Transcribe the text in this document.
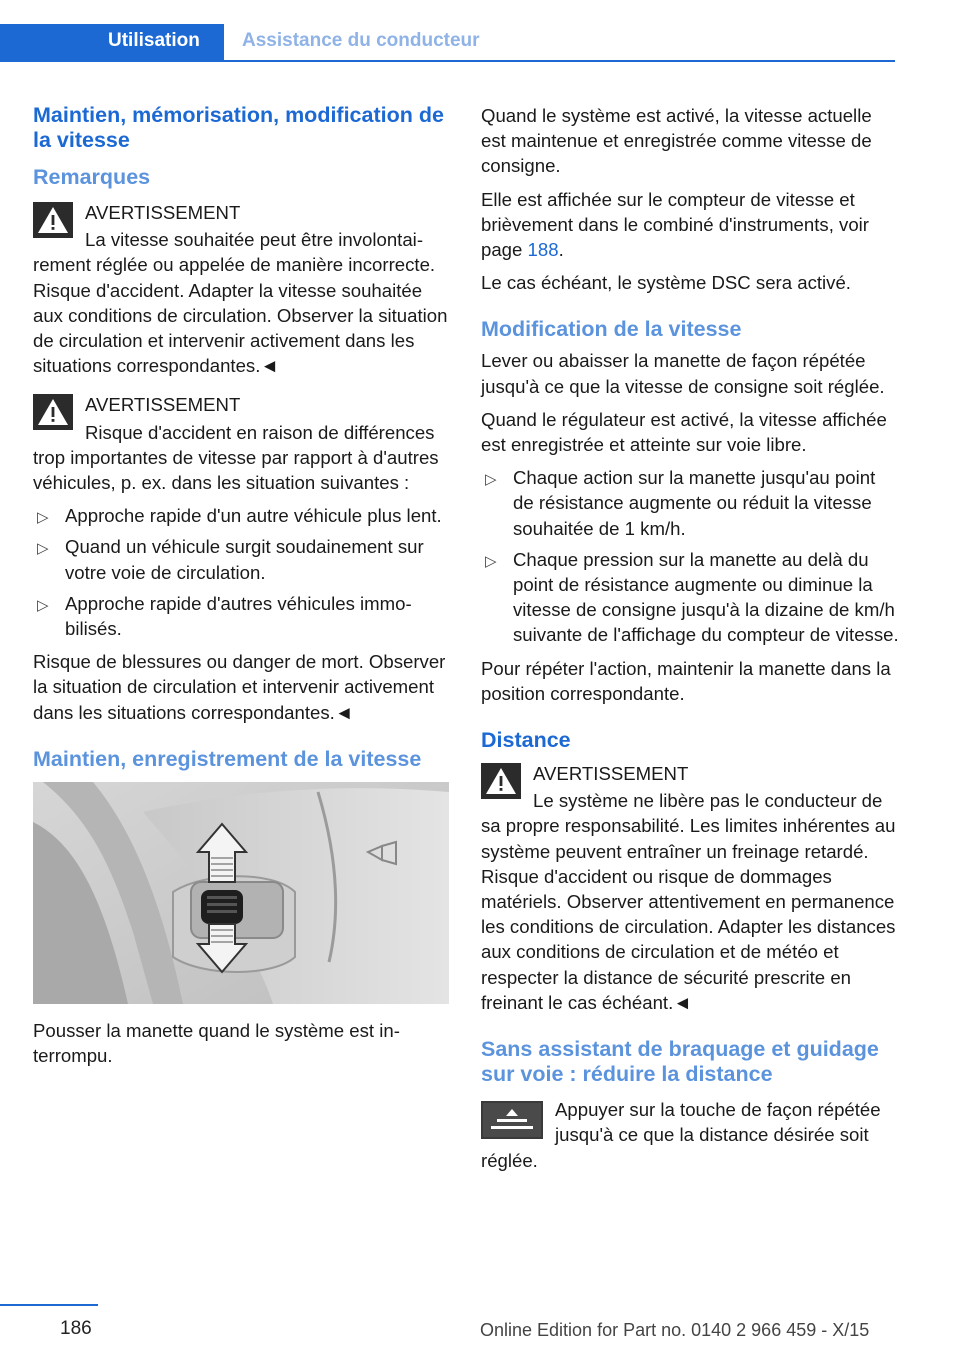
Utilisation Assistance du conducteur
Maintien, mémorisation, modification de la vitesse
Remarques

AVERTISSEMENT

La vitesse souhaitée peut être involontairement réglée ou appelée de manière incorrecte. Risque d'accident. Adapter la vitesse souhaitée aux conditions de circulation. Observer la situation de circulation et intervenir activement dans les situations correspondantes.◄

AVERTISSEMENT

Risque d'accident en raison de différences trop importantes de vitesse par rapport à d'autres véhicules, p. ex. dans les situation suivantes :

▷ Approche rapide d'un autre véhicule plus lent.
▷ Quand un véhicule surgit soudainement sur votre voie de circulation.
▷ Approche rapide d'autres véhicules immobilisés.

Risque de blessures ou danger de mort. Observer la situation de circulation et intervenir activement dans les situations correspondantes.◄

Maintien, enregistrement de la vitesse

Pousser la manette quand le système est interrompu.

Quand le système est activé, la vitesse actuelle est maintenue et enregistrée comme vitesse de consigne.

Elle est affichée sur le compteur de vitesse et brièvement dans le combiné d'instruments, voir page 188.

Le cas échéant, le système DSC sera activé.

Modification de la vitesse

Lever ou abaisser la manette de façon répétée jusqu'à ce que la vitesse de consigne soit réglée.

Quand le régulateur est activé, la vitesse affichée est enregistrée et atteinte sur voie libre.

▷ Chaque action sur la manette jusqu'au point de résistance augmente ou réduit la vitesse souhaitée de 1 km/h.
▷ Chaque pression sur la manette au delà du point de résistance augmente ou diminue la vitesse de consigne jusqu'à la dizaine de km/h suivante de l'affichage du compteur de vitesse.

Pour répéter l'action, maintenir la manette dans la position correspondante.

Distance

AVERTISSEMENT

Le système ne libère pas le conducteur de sa propre responsabilité. Les limites inhérentes au système peuvent entraîner un freinage retardé. Risque d'accident ou risque de dommages matériels. Observer attentivement en permanence les conditions de circulation. Adapter les distances aux conditions de circulation et de météo et respecter la distance de sécurité prescrite en freinant le cas échéant.◄

Sans assistant de braquage et guidage sur voie : réduire la distance

Appuyer sur la touche de façon répétée jusqu'à ce que la distance désirée soit réglée.

186	Online Edition for Part no. 0140 2 966 459 - X/15
